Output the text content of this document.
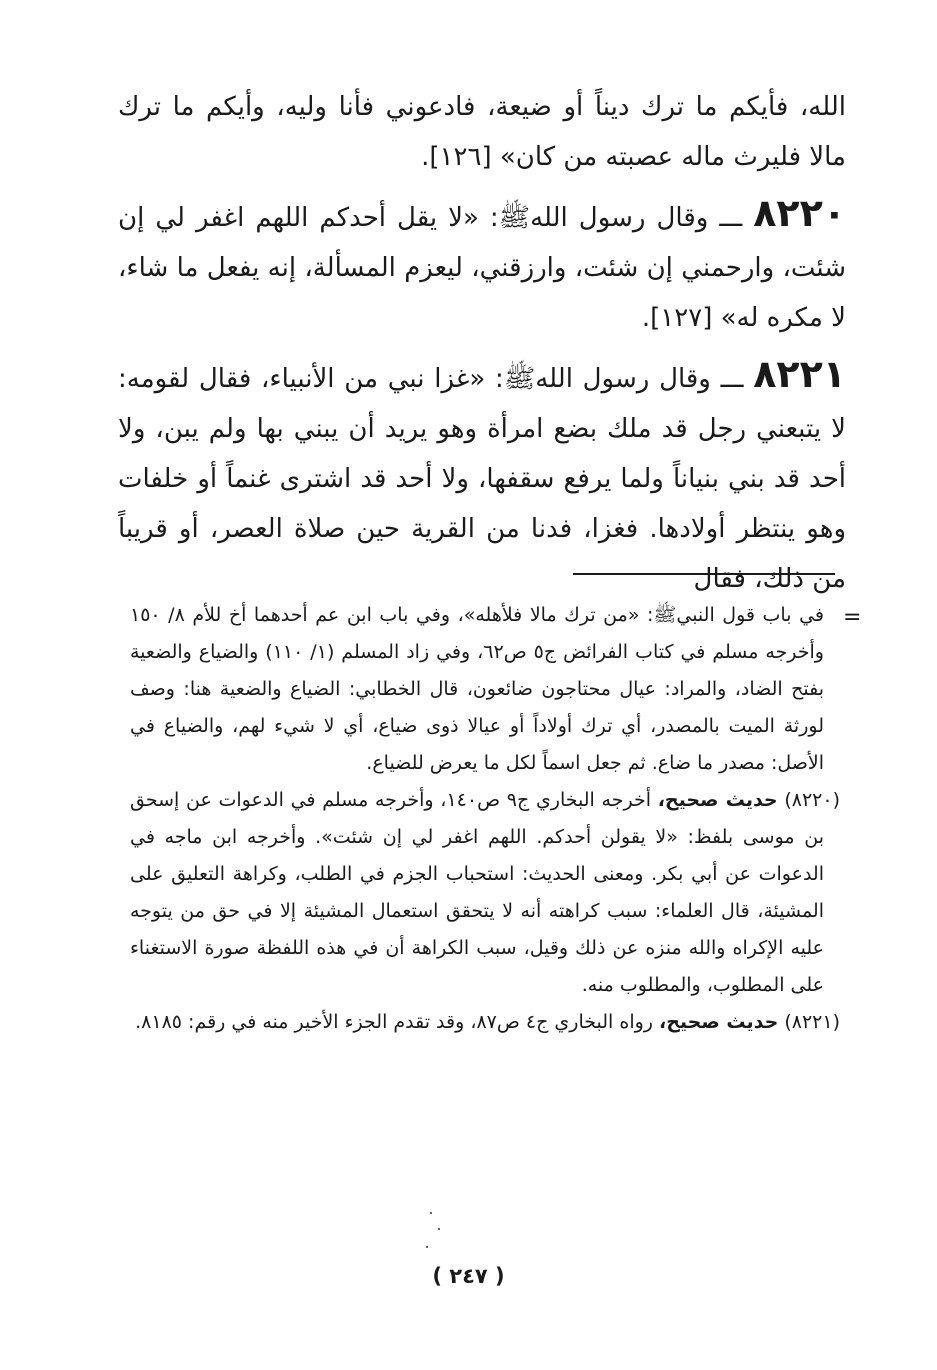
الله، فأيكم ما ترك ديناً أو ضيعة، فادعوني فأنا وليه، وأيكم ما ترك مالا فليرث ماله عصبته من كان» [١٢٦].

٨٢٢٠ ـــ وقال رسول اللهﷺ: «لا يقل أحدكم اللهم اغفر لي إن شئت، وارحمني إن شئت، وارزقني، ليعزم المسألة، إنه يفعل ما شاء، لا مكره له» [١٢٧].

٨٢٢١ ـــ وقال رسول اللهﷺ: «غزا نبي من الأنبياء، فقال لقومه: لا يتبعني رجل قد ملك بضع امرأة وهو يريد أن يبني بها ولم يبن، ولا أحد قد بني بنياناً ولما يرفع سقفها، ولا أحد قد اشترى غنماً أو خلفات وهو ينتظر أولادها. فغزا، فدنا من القرية حين صلاة العصر، أو قريباً من ذلك، فقال

=

في باب قول النبيﷺ: «من ترك مالا فلأهله»، وفي باب ابن عم أحدهما أخ للأم ٨/ ١٥٠ وأخرجه مسلم في كتاب الفرائض ج٥ ص٦٢، وفي زاد المسلم (١/ ١١٠) والضياع والضعية بفتح الضاد، والمراد: عيال محتاجون ضائعون، قال الخطابي: الضياع والضعية هنا: وصف لورثة الميت بالمصدر، أي ترك أولاداً أو عيالا ذوى ضياع، أي لا شيء لهم، والضياع في الأصل: مصدر ما ضاع. ثم جعل اسماً لكل ما يعرض للضياع.

(٨٢٢٠) حديث صحيح، أخرجه البخاري ج٩ ص١٤٠، وأخرجه مسلم في الدعوات عن إسحق بن موسى بلفظ: «لا يقولن أحدكم. اللهم اغفر لي إن شئت». وأخرجه ابن ماجه في الدعوات عن أبي بكر. ومعنى الحديث: استحباب الجزم في الطلب، وكراهة التعليق على المشيئة، قال العلماء: سبب كراهته أنه لا يتحقق استعمال المشيئة إلا في حق من يتوجه عليه الإكراه والله منزه عن ذلك وقيل، سبب الكراهة أن في هذه اللفظة صورة الاستغناء على المطلوب، والمطلوب منه.

(٨٢٢١) حديث صحيح، رواه البخاري ج٤ ص٨٧، وقد تقدم الجزء الأخير منه في رقم: ٨١٨٥.

( ٢٤٧ )
